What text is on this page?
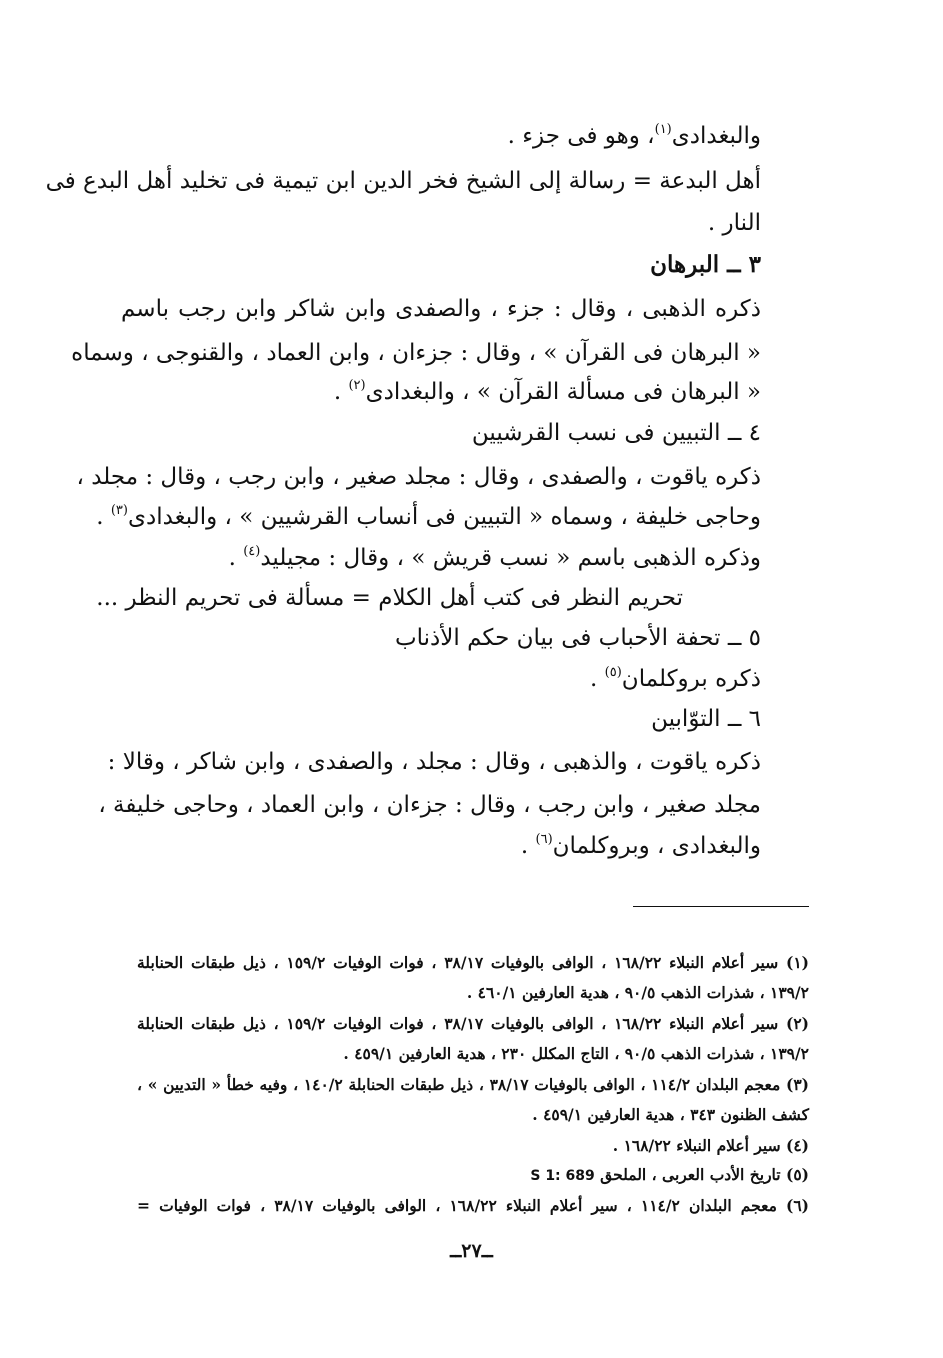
والبغدادى$^{(١)}$، وهو فى جزء .
أهل البدعة = رسالة إلى الشيخ فخر الدين ابن تيمية فى تخليد أهل البدع فى
النار .
٣ ــ البرهان
ذكره الذهبى ، وقال : جزء ، والصفدى وابن شاكر وابن رجب باسم
« البرهان فى القرآن » ، وقال : جزءان ، وابن العماد ، والقنوجى ، وسماه
« البرهان فى مسألة القرآن » ، والبغدادى$^{(٢)}$ .
٤ ــ التبيين فى نسب القرشيين
ذكره ياقوت ، والصفدى ، وقال : مجلد صغير ، وابن رجب ، وقال : مجلد ،
وحاجى خليفة ، وسماه « التبيين فى أنساب القرشيين » ، والبغدادى$^{(٣)}$ .
وذكره الذهبى باسم « نسب قريش » ، وقال : مجيليد$^{(٤)}$ .
تحريم النظر فى كتب أهل الكلام = مسألة فى تحريم النظر ...
٥ ــ تحفة الأحباب فى بيان حكم الأذناب
ذكره بروكلمان$^{(٥)}$ .
٦ ــ التوّابين
ذكره ياقوت ، والذهبى ، وقال : مجلد ، والصفدى ، وابن شاكر ، وقالا :
مجلد صغير ، وابن رجب ، وقال : جزءان ، وابن العماد ، وحاجى خليفة ،
والبغدادى ، وبروكلمان$^{(٦)}$ .
(١) سير أعلام النبلاء ١٦٨/٢٢ ، الوافى بالوفيات ٣٨/١٧ ، فوات الوفيات ١٥٩/٢ ، ذيل طبقات الحنابلة
١٣٩/٢ ، شذرات الذهب ٩٠/٥ ، هدية العارفين ٤٦٠/١ .
(٢) سير أعلام النبلاء ١٦٨/٢٢ ، الوافى بالوفيات ٣٨/١٧ ، فوات الوفيات ١٥٩/٢ ، ذيل طبقات الحنابلة
١٣٩/٢ ، شذرات الذهب ٩٠/٥ ، التاج المكلل ٢٣٠ ، هدية العارفين ٤٥٩/١ .
(٣) معجم البلدان ١١٤/٢ ، الوافى بالوفيات ٣٨/١٧ ، ذيل طبقات الحنابلة ١٤٠/٢ ، وفيه خطأ « التديين » ،
كشف الظنون ٣٤٣ ، هدية العارفين ٤٥٩/١ .
(٤) سير أعلام النبلاء ١٦٨/٢٢ .
(٥) تاريخ الأدب العربى ، الملحق S 1: 689
(٦) معجم البلدان ١١٤/٢ ، سير أعلام النبلاء ١٦٨/٢٢ ، الوافى بالوفيات ٣٨/١٧ ، فوات الوفيات =
ــ٢٧ــ
